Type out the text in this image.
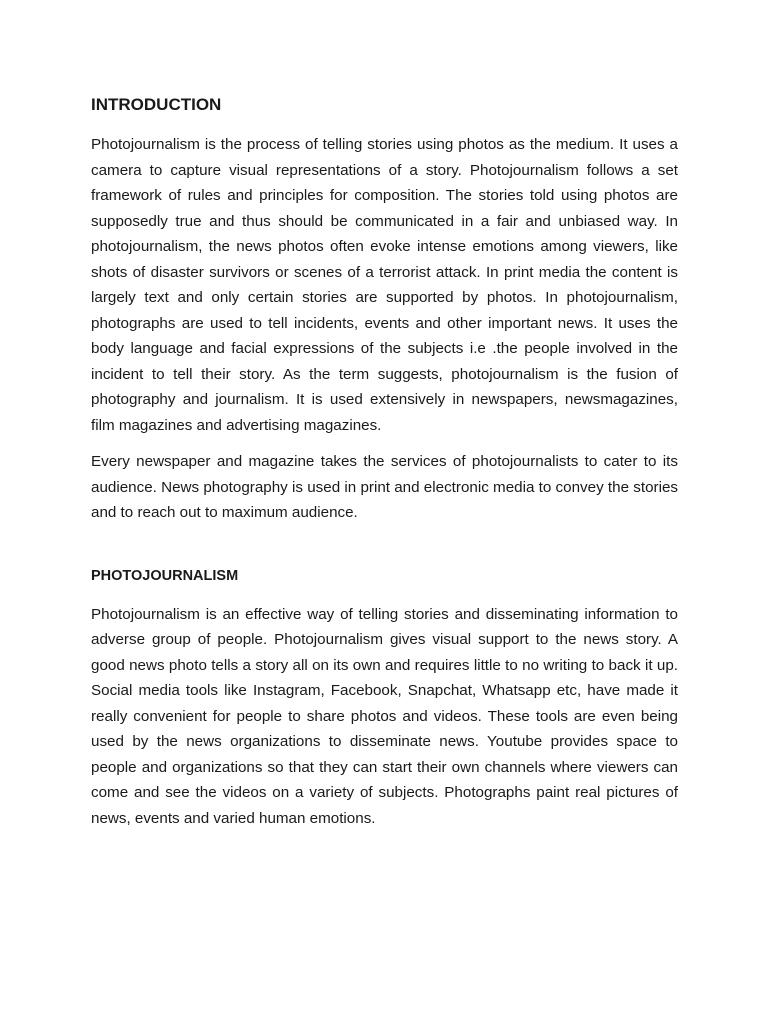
INTRODUCTION

Photojournalism is the process of telling stories using photos as the medium. It uses a camera to capture visual representations of a story. Photojournalism follows a set framework of rules and principles for composition. The stories told using photos are supposedly true and thus should be communicated in a fair and unbiased way. In photojournalism, the news photos often evoke intense emotions among viewers, like shots of disaster survivors or scenes of a terrorist attack. In print media the content is largely text and only certain stories are supported by photos. In photojournalism, photographs are used to tell incidents, events and other important news. It uses the body language and facial expressions of the subjects i.e .the people involved in the incident to tell their story. As the term suggests, photojournalism is the fusion of photography and journalism. It is used extensively in newspapers, newsmagazines, film magazines and advertising magazines.

Every newspaper and magazine takes the services of photojournalists to cater to its audience. News photography is used in print and electronic media to convey the stories and to reach out to maximum audience.

PHOTOJOURNALISM

Photojournalism is an effective way of telling stories and disseminating information to adverse group of people. Photojournalism gives visual support to the news story. A good news photo tells a story all on its own and requires little to no writing to back it up. Social media tools like Instagram, Facebook, Snapchat, Whatsapp etc, have made it really convenient for people to share photos and videos. These tools are even being used by the news organizations to disseminate news. Youtube provides space to people and organizations so that they can start their own channels where viewers can come and see the videos on a variety of subjects. Photographs paint real pictures of news, events and varied human emotions.
